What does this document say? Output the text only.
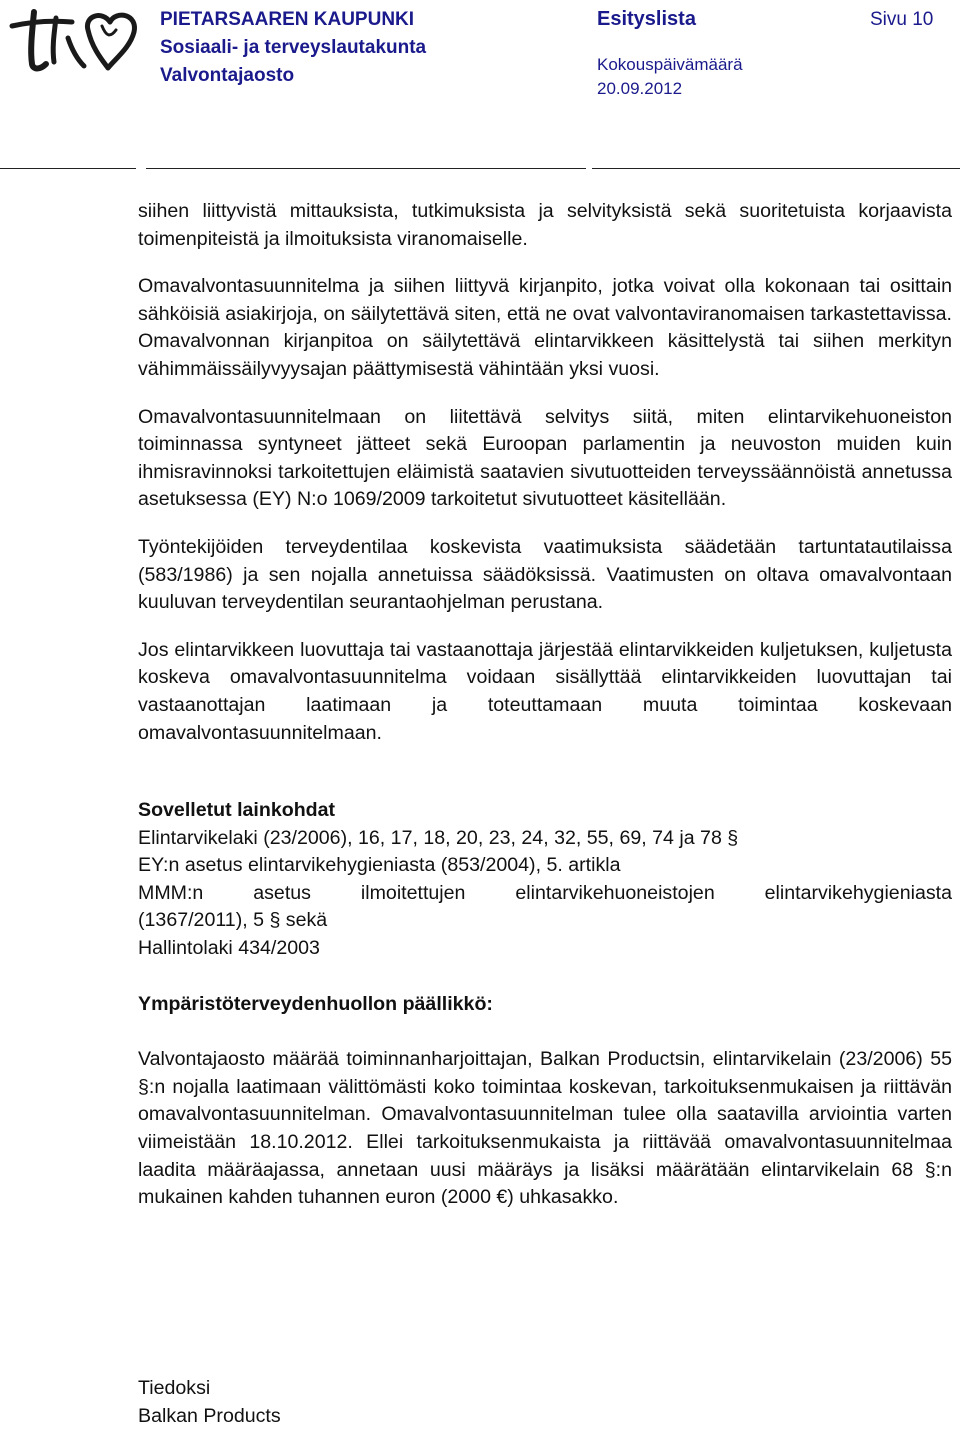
PIETARSAAREN KAUPUNKI
Sosiaali- ja terveyslautakunta
Valvontajaosto
Esityslista	Sivu 10
Kokouspäivämäärä
20.09.2012

siihen liittyvistä mittauksista, tutkimuksista ja selvityksistä sekä suoritetuista korjaavista toimenpiteistä ja ilmoituksista viranomaiselle.

Omavalvontasuunnitelma ja siihen liittyvä kirjanpito, jotka voivat olla kokonaan tai osittain sähköisiä asiakirjoja, on säilytettävä siten, että ne ovat valvontaviranomaisen tarkastettavissa. Omavalvonnan kirjanpitoa on säilytettävä elintarvikkeen käsittelystä tai siihen merkityn vähimmäissäilyvyysajan päättymisestä vähintään yksi vuosi.

Omavalvontasuunnitelmaan on liitettävä selvitys siitä, miten elintarvikehuoneiston toiminnassa syntyneet jätteet sekä Euroopan parlamentin ja neuvoston muiden kuin ihmisravinnoksi tarkoitettujen eläimistä saatavien sivutuotteiden terveyssäännöistä annetussa asetuksessa (EY) N:o 1069/2009 tarkoitetut sivutuotteet käsitellään.

Työntekijöiden terveydentilaa koskevista vaatimuksista säädetään tartuntatautilaissa (583/1986) ja sen nojalla annetuissa säädöksissä. Vaatimusten on oltava omavalvontaan kuuluvan terveydentilan seurantaohjelman perustana.

Jos elintarvikkeen luovuttaja tai vastaanottaja järjestää elintarvikkeiden kuljetuksen, kuljetusta koskeva omavalvontasuunnitelma voidaan sisällyttää elintarvikkeiden luovuttajan tai vastaanottajan laatimaan ja toteuttamaan muuta toimintaa koskevaan omavalvontasuunnitelmaan.

Sovelletut lainkohdat
Elintarvikelaki (23/2006), 16, 17, 18, 20, 23, 24, 32, 55, 69, 74 ja 78 §
EY:n asetus elintarvikehygieniasta (853/2004), 5. artikla
MMM:n asetus ilmoitettujen elintarvikehuoneistojen elintarvikehygieniasta
(1367/2011), 5 § sekä
Hallintolaki 434/2003
Ympäristöterveydenhuollon päällikkö:

Valvontajaosto määrää toiminnanharjoittajan, Balkan Productsin, elintarvikelain (23/2006) 55 §:n nojalla laatimaan välittömästi koko toimintaa koskevan, tarkoituksenmukaisen ja riittävän omavalvontasuunnitelman. Omavalvontasuunnitelman tulee olla saatavilla arviointia varten viimeistään 18.10.2012. Ellei tarkoituksenmukaista ja riittävää omavalvontasuunnitelmaa laadita määräajassa, annetaan uusi määräys ja lisäksi määrätään elintarvikelain 68 §:n mukainen kahden tuhannen euron (2000 €) uhkasakko.

Tiedoksi
Balkan Products
